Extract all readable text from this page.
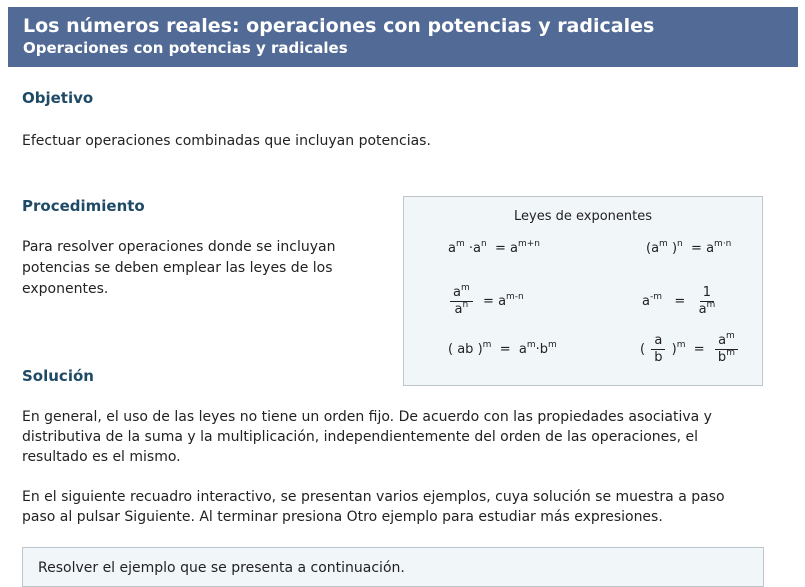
Los números reales: operaciones con potencias y radicales
Operaciones con potencias y radicales
Objetivo
Efectuar operaciones combinadas que incluyan potencias.
Procedimiento
Para resolver operaciones donde se incluyan potencias se deben emplear las leyes de los exponentes.
Leyes de exponentes
$a^m \cdot a^n = a^{m+n}$	($a^m$ )$^n = a^{m\cdot n}$
$\frac{a^m}{a^n} = a^{m-n}$	$a^{-m} = \frac{1}{a^m}$
( ab )$^m = a^m\cdot b^m$	( $\frac{a}{b} )^m = \frac{a^m}{b^m}$
Solución
En general, el uso de las leyes no tiene un orden fijo. De acuerdo con las propiedades asociativa y distributiva de la suma y la multiplicación, independientemente del orden de las operaciones, el resultado es el mismo.
En el siguiente recuadro interactivo, se presentan varios ejemplos, cuya solución se muestra a paso paso al pulsar Siguiente. Al terminar presiona Otro ejemplo para estudiar más expresiones.
Resolver el ejemplo que se presenta a continuación.
